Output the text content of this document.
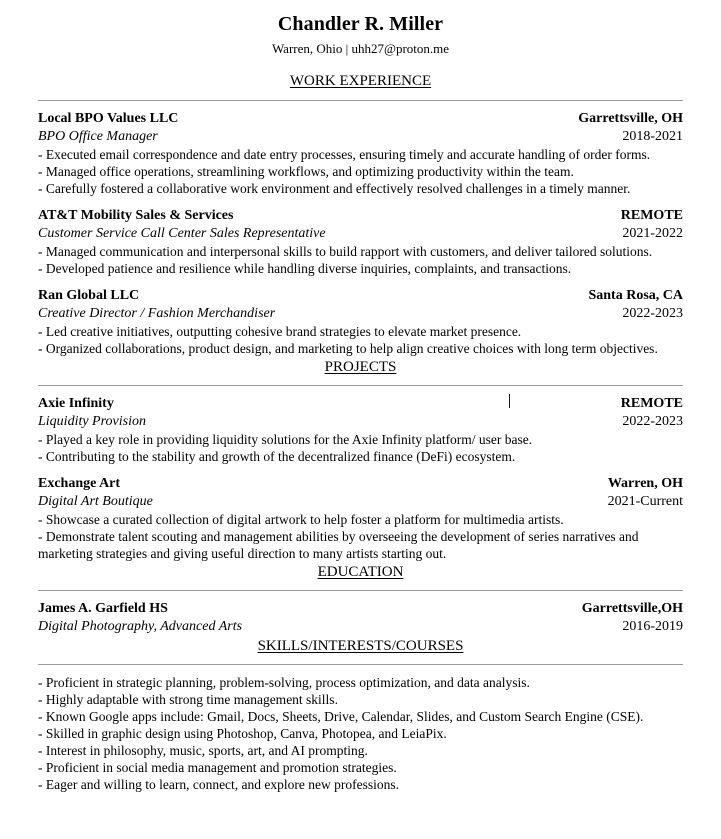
Chandler R. Miller
Warren, Ohio | uhh27@proton.me
WORK EXPERIENCE
Local BPO Values LLC	Garrettsville, OH
BPO Office Manager	2018-2021
- Executed email correspondence and date entry processes, ensuring timely and accurate handling of order forms.
- Managed office operations, streamlining workflows, and optimizing productivity within the team.
- Carefully fostered a collaborative work environment and effectively resolved challenges in a timely manner.
AT&T Mobility Sales & Services	REMOTE
Customer Service Call Center Sales Representative	2021-2022
- Managed communication and interpersonal skills to build rapport with customers, and deliver tailored solutions.
- Developed patience and resilience while handling diverse inquiries, complaints, and transactions.
Ran Global LLC	Santa Rosa, CA
Creative Director / Fashion Merchandiser	2022-2023
- Led creative initiatives, outputting cohesive brand strategies to elevate market presence.
- Organized collaborations, product design, and marketing to help align creative choices with long term objectives.
PROJECTS
Axie Infinity	REMOTE
Liquidity Provision	2022-2023
- Played a key role in providing liquidity solutions for the Axie Infinity platform/ user base.
- Contributing to the stability and growth of the decentralized finance (DeFi) ecosystem.
Exchange Art	Warren, OH
Digital Art Boutique	2021-Current
- Showcase a curated collection of digital artwork to help foster a platform for multimedia artists.
- Demonstrate talent scouting and management abilities by overseeing the development of series narratives and marketing strategies and giving useful direction to many artists starting out.
EDUCATION
James A. Garfield HS	Garrettsville,OH
Digital Photography, Advanced Arts	2016-2019
SKILLS/INTERESTS/COURSES
- Proficient in strategic planning, problem-solving, process optimization, and data analysis.
- Highly adaptable with strong time management skills.
- Known Google apps include: Gmail, Docs, Sheets, Drive, Calendar, Slides, and Custom Search Engine (CSE).
- Skilled in graphic design using Photoshop, Canva, Photopea, and LeiaPix.
- Interest in philosophy, music, sports, art, and AI prompting.
- Proficient in social media management and promotion strategies.
- Eager and willing to learn, connect, and explore new professions.
